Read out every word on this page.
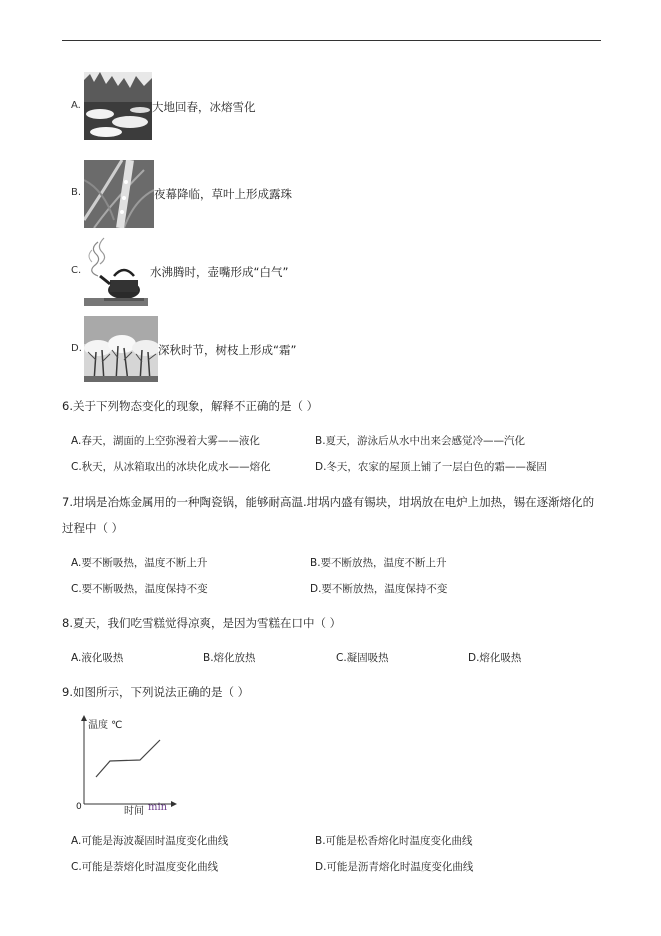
A.	大地回春，冰熔雪化
B.	夜幕降临，草叶上形成露珠
C.	水沸腾时，壶嘴形成“白气”
D.	深秋时节，树枝上形成“霜”
6.关于下列物态变化的现象，解释不正确的是（ ）
A.春天，湖面的上空弥漫着大雾——液化	B.夏天，游泳后从水中出来会感觉冷——汽化
C.秋天，从冰箱取出的冰块化成水——熔化	D.冬天，农家的屋顶上铺了一层白色的霜——凝固
7.坩埚是冶炼金属用的一种陶瓷锅，能够耐高温.坩埚内盛有锡块，坩埚放在电炉上加热，锡在逐渐熔化的
过程中（ ）
A.要不断吸热，温度不断上升	B.要不断放热，温度不断上升
C.要不断吸热，温度保持不变	D.要不断放热，温度保持不变
8.夏天，我们吃雪糕觉得凉爽，是因为雪糕在口中（ ）
A.液化吸热	B.熔化放热	C.凝固吸热	D.熔化吸热
9.如图所示，下列说法正确的是（ ）
温度 ℃
0	时间 min
A.可能是海波凝固时温度变化曲线	B.可能是松香熔化时温度变化曲线
C.可能是萘熔化时温度变化曲线	D.可能是沥青熔化时温度变化曲线
